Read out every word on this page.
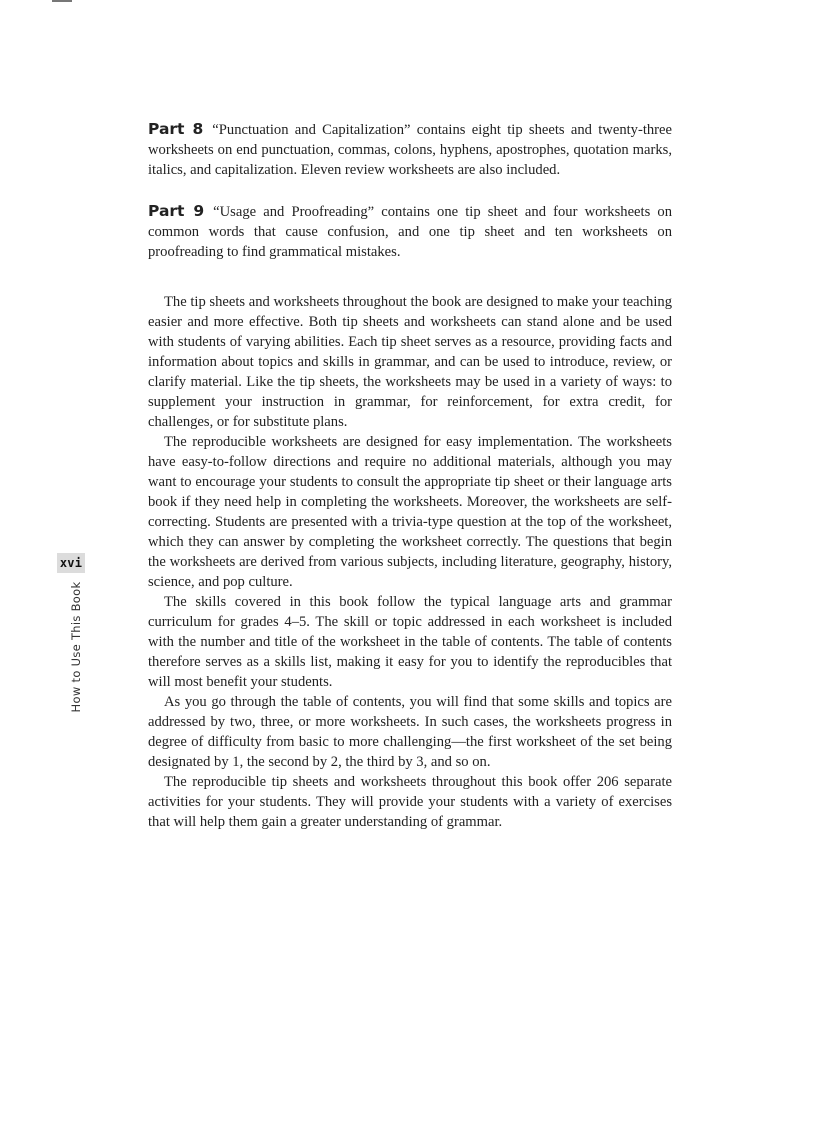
xvi
How to Use This Book

Part 8 “Punctuation and Capitalization” contains eight tip sheets and twenty-three worksheets on end punctuation, commas, colons, hyphens, apostrophes, quotation marks, italics, and capitalization. Eleven review worksheets are also included.

Part 9 “Usage and Proofreading” contains one tip sheet and four worksheets on common words that cause confusion, and one tip sheet and ten worksheets on proofreading to find grammatical mistakes.

The tip sheets and worksheets throughout the book are designed to make your teaching easier and more effective. Both tip sheets and worksheets can stand alone and be used with students of varying abilities. Each tip sheet serves as a resource, providing facts and information about topics and skills in grammar, and can be used to introduce, review, or clarify material. Like the tip sheets, the worksheets may be used in a variety of ways: to supplement your instruction in grammar, for reinforcement, for extra credit, for challenges, or for substitute plans.

The reproducible worksheets are designed for easy implementation. The worksheets have easy-to-follow directions and require no additional materials, although you may want to encourage your students to consult the appropriate tip sheet or their language arts book if they need help in completing the worksheets. Moreover, the worksheets are self-correcting. Students are presented with a trivia-type question at the top of the worksheet, which they can answer by completing the worksheet correctly. The questions that begin the worksheets are derived from various subjects, including literature, geography, history, science, and pop culture.

The skills covered in this book follow the typical language arts and grammar curriculum for grades 4–5. The skill or topic addressed in each worksheet is included with the number and title of the worksheet in the table of contents. The table of contents therefore serves as a skills list, making it easy for you to identify the reproducibles that will most benefit your students.

As you go through the table of contents, you will find that some skills and topics are addressed by two, three, or more worksheets. In such cases, the worksheets progress in degree of difficulty from basic to more challenging—the first worksheet of the set being designated by 1, the second by 2, the third by 3, and so on.

The reproducible tip sheets and worksheets throughout this book offer 206 separate activities for your students. They will provide your students with a variety of exercises that will help them gain a greater understanding of grammar.
